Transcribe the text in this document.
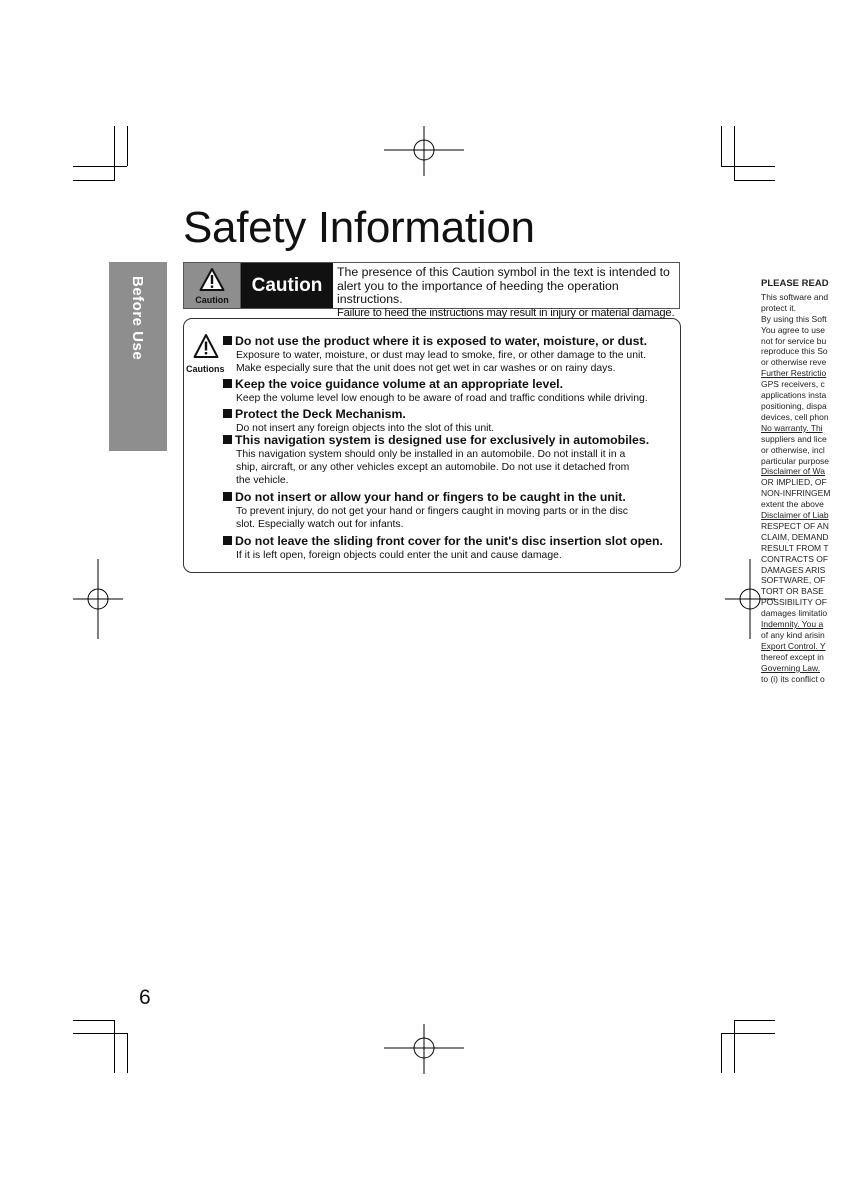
Before Use
Safety Information
Caution
Caution
The presence of this Caution symbol in the text is intended to
alert you to the importance of heeding the operation instructions.
Failure to heed the instructions may result in injury or material damage.
Cautions
Do not use the product where it is exposed to water, moisture, or dust.
Exposure to water, moisture, or dust may lead to smoke, fire, or other damage to the unit.
Make especially sure that the unit does not get wet in car washes or on rainy days.
Keep the voice guidance volume at an appropriate level.
Keep the volume level low enough to be aware of road and traffic conditions while driving.
Protect the Deck Mechanism.
Do not insert any foreign objects into the slot of this unit.
This navigation system is designed use for exclusively in automobiles.
This navigation system should only be installed in an automobile. Do not install it in a
ship, aircraft, or any other vehicles except an automobile. Do not use it detached from
the vehicle.
Do not insert or allow your hand or fingers to be caught in the unit.
To prevent injury, do not get your hand or fingers caught in moving parts or in the disc
slot. Especially watch out for infants.
Do not leave the sliding front cover for the unit's disc insertion slot open.
If it is left open, foreign objects could enter the unit and cause damage.
6
PLEASE READ
This software and
protect it.
By using this Soft
You agree to use
not for service bu
reproduce this So
or otherwise reve
Further Restrictio
GPS receivers, c
applications insta
positioning, dispa
devices, cell phon
No warranty. Thi
suppliers and lice
or otherwise, incl
particular purpose
Disclaimer of Wa
OR IMPLIED, OF
NON-INFRINGEM
extent the above
Disclaimer of Liab
RESPECT OF AN
CLAIM, DEMAND
RESULT FROM T
CONTRACTS OF
DAMAGES ARIS
SOFTWARE, OF
TORT OR BASE
POSSIBILITY OF
damages limitatio
Indemnity. You a
of any kind arisin
Export Control. Y
thereof except in
Governing Law.
to (i) its conflict o
